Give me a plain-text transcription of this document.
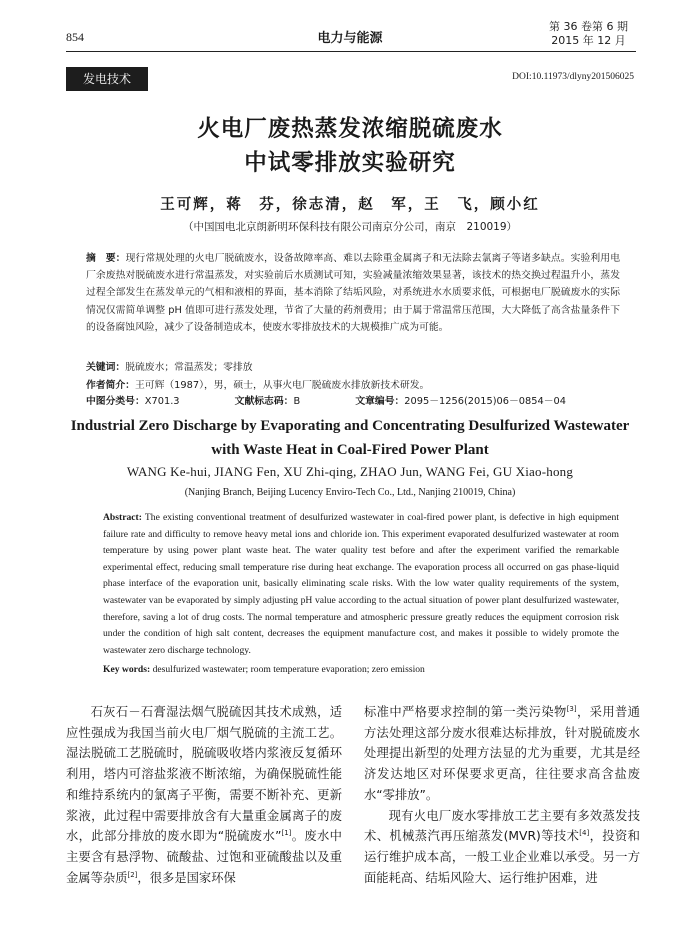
854	电力与能源
第 36 卷第 6 期
2015 年 12 月
发电技术	DOI:10.11973/dlyny201506025
火电厂废热蒸发浓缩脱硫废水
中试零排放实验研究
王可辉，蒋　芬，徐志清，赵　军，王　飞，顾小红
（中国国电北京朗新明环保科技有限公司南京分公司，南京　210019）
摘　要：现行常规处理的火电厂脱硫废水，设备故障率高、难以去除重金属离子和无法除去氯离子等诸多缺点。实验利用电厂余废热对脱硫废水进行常温蒸发，对实验前后水质测试可知，实验减量浓缩效果显著，该技术的热交换过程温升小，蒸发过程全部发生在蒸发单元的气相和液相的界面，基本消除了结垢风险，对系统进水水质要求低，可根据电厂脱硫废水的实际情况仅需简单调整 pH 值即可进行蒸发处理，节省了大量的药剂费用；由于属于常温常压范围，大大降低了高含盐量条件下的设备腐蚀风险，减少了设备制造成本，使废水零排放技术的大规模推广成为可能。
关键词：脱硫废水；常温蒸发；零排放
作者简介：王可辉（1987），男，硕士，从事火电厂脱硫废水排放新技术研发。
中图分类号：X701.3	文献标志码：B	文章编号：2095－1256(2015)06－0854－04
Industrial Zero Discharge by Evaporating and Concentrating Desulfurized Wastewater
with Waste Heat in Coal-Fired Power Plant
WANG Ke-hui, JIANG Fen, XU Zhi-qing, ZHAO Jun, WANG Fei, GU Xiao-hong
(Nanjing Branch, Beijing Lucency Enviro-Tech Co., Ltd., Nanjing 210019, China)
Abstract: The existing conventional treatment of desulfurized wastewater in coal-fired power plant, is defective in high equipment failure rate and difficulty to remove heavy metal ions and chloride ion. This experiment evaporated desulfurized wastewater at room temperature by using power plant waste heat. The water quality test before and after the experiment varified the remarkable experimental effect, reducing small temperature rise during heat exchange. The evaporation process all occurred on gas phase-liquid phase interface of the evaporation unit, basically eliminating scale risks. With the low water quality requirements of the system, wastewater van be evaporated by simply adjusting pH value according to the actual situation of power plant desulfurized wastewater, therefore, saving a lot of drug costs. The normal temperature and atmospheric pressure greatly reduces the equipment corrosion risk under the condition of high salt content, decreases the equipment manufacture cost, and makes it possible to widely promote the wastewater zero discharge technology.
Key words: desulfurized wastewater; room temperature evaporation; zero emission

石灰石－石膏湿法烟气脱硫因其技术成熟，适应性强成为我国当前火电厂烟气脱硫的主流工艺。湿法脱硫工艺脱硫时，脱硫吸收塔内浆液反复循环利用，塔内可溶盐浆液不断浓缩，为确保脱硫性能和维持系统内的氯离子平衡，需要不断补充、更新浆液，此过程中需要排放含有大量重金属离子的废水，此部分排放的废水即为“脱硫废水”[1]。废水中主要含有悬浮物、硫酸盐、过饱和亚硫酸盐以及重金属等杂质[2]，很多是国家环保

标准中严格要求控制的第一类污染物[3]，采用普通方法处理这部分废水很难达标排放，针对脱硫废水处理提出新型的处理方法显的尤为重要，尤其是经济发达地区对环保要求更高，往往要求高含盐废水“零排放”。

现有火电厂废水零排放工艺主要有多效蒸发技术、机械蒸汽再压缩蒸发(MVR)等技术[4]，投资和运行维护成本高，一般工业企业难以承受。另一方面能耗高、结垢风险大、运行维护困难，进
